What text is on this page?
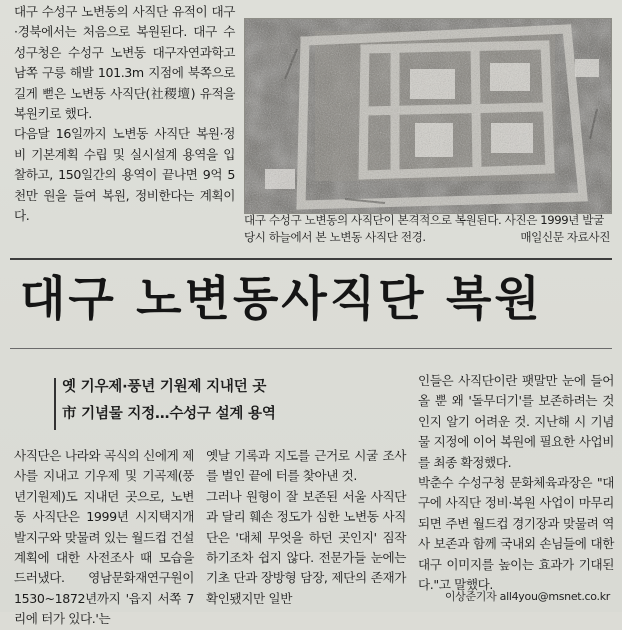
대구 수성구 노변동의 사직단 유적이 대구·경북에서는 처음으로 복원된다. 대구 수성구청은 수성구 노변동 대구자연과학고 남쪽 구릉 해발 101.3m 지점에 북쪽으로 길게 뻗은 노변동 사직단(社稷壇) 유적을 복원키로 했다.
다음달 16일까지 노변동 사직단 복원·정비 기본계획 수립 및 실시설계 용역을 입찰하고, 150일간의 용역이 끝나면 9억 5천만 원을 들여 복원, 정비한다는 계획이다.	대구 수성구 노변동의 사직단이 본격적으로 복원된다. 사진은 1999년 발굴
당시 하늘에서 본 노변동 사직단 전경.	매일신문 자료사진
대구 노변동사직단 복원
옛 기우제·풍년 기원제 지내던 곳
市 기념물 지정…수성구 설계 용역
사직단은 나라와 곡식의 신에게 제사를 지내고 기우제 및 기곡제(풍년기원제)도 지내던 곳으로, 노변동 사직단은 1999년 시지택지개발지구와 맞물려 있는 월드컵 건설계획에 대한 사전조사 때 모습을 드러냈다. 영남문화재연구원이 1530~1872년까지 '읍지 서쪽 7리에 터가 있다.'는
옛날 기록과 지도를 근거로 시굴 조사를 벌인 끝에 터를 찾아낸 것.
그러나 원형이 잘 보존된 서울 사직단과 달리 훼손 정도가 심한 노변동 사직단은 '대체 무엇을 하던 곳인지' 짐작하기조차 쉽지 않다. 전문가들 눈에는 기초 단과 장방형 담장, 제단의 존재가 확인됐지만 일반
인들은 사직단이란 팻말만 눈에 들어올 뿐 왜 '돌무더기'를 보존하려는 것인지 알기 어려운 것. 지난해 시 기념물 지정에 이어 복원에 필요한 사업비를 최종 확정했다.
박춘수 수성구청 문화체육과장은 "대구에 사직단 정비·복원 사업이 마무리되면 주변 월드컵 경기장과 맞물려 역사 보존과 함께 국내외 손님들에 대한 대구 이미지를 높이는 효과가 기대된다."고 말했다.
이상준기자 all4you@msnet.co.kr
